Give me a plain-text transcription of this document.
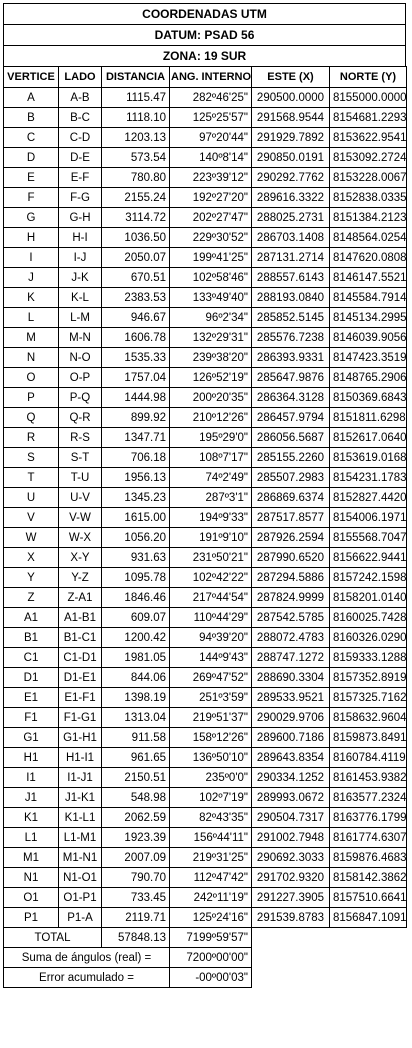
COORDENADAS UTM
DATUM: PSAD 56
ZONA: 19 SUR
VERTICE	LADO	DISTANCIA	ANG. INTERNO	ESTE (X)	NORTE (Y)
A	A-B	1115.47	282º46'25"	290500.0000	8155000.0000
B	B-C	1118.10	125º25'57"	291568.9544	8154681.2293
C	C-D	1203.13	97º20'44"	291929.7892	8153622.9541
D	D-E	573.54	140º8'14"	290850.0191	8153092.2724
E	E-F	780.80	223º39'12"	290292.7762	8153228.0067
F	F-G	2155.24	192º27'20"	289616.3322	8152838.0335
G	G-H	3114.72	202º27'47"	288025.2731	8151384.2123
H	H-I	1036.50	229º30'52"	286703.1408	8148564.0254
I	I-J	2050.07	199º41'25"	287131.2714	8147620.0808
J	J-K	670.51	102º58'46"	288557.6143	8146147.5521
K	K-L	2383.53	133º49'40"	288193.0840	8145584.7914
L	L-M	946.67	96º2'34"	285852.5145	8145134.2995
M	M-N	1606.78	132º29'31"	285576.7238	8146039.9056
N	N-O	1535.33	239º38'20"	286393.9331	8147423.3519
O	O-P	1757.04	126º52'19"	285647.9876	8148765.2906
P	P-Q	1444.98	200º20'35"	286364.3128	8150369.6843
Q	Q-R	899.92	210º12'26"	286457.9794	8151811.6298
R	R-S	1347.71	195º29'0"	286056.5687	8152617.0640
S	S-T	706.18	108º7'17"	285155.2260	8153619.0168
T	T-U	1956.13	74º2'49"	285507.2983	8154231.1783
U	U-V	1345.23	287º3'1"	286869.6374	8152827.4420
V	V-W	1615.00	194º9'33"	287517.8577	8154006.1971
W	W-X	1056.20	191º9'10"	287926.2594	8155568.7047
X	X-Y	931.63	231º50'21"	287990.6520	8156622.9441
Y	Y-Z	1095.78	102º42'22"	287294.5886	8157242.1598
Z	Z-A1	1846.46	217º44'54"	287824.9999	8158201.0140
A1	A1-B1	609.07	110º44'29"	287542.5785	8160025.7428
B1	B1-C1	1200.42	94º39'20"	288072.4783	8160326.0290
C1	C1-D1	1981.05	144º9'43"	288747.1272	8159333.1288
D1	D1-E1	844.06	269º47'52"	288690.3304	8157352.8919
E1	E1-F1	1398.19	251º3'59"	289533.9521	8157325.7162
F1	F1-G1	1313.04	219º51'37"	290029.9706	8158632.9604
G1	G1-H1	911.58	158º12'26"	289600.7186	8159873.8491
H1	H1-I1	961.65	136º50'10"	289643.8354	8160784.4119
I1	I1-J1	2150.51	235º0'0"	290334.1252	8161453.9382
J1	J1-K1	548.98	102º7'19"	289993.0672	8163577.2324
K1	K1-L1	2062.59	82º43'35"	290504.7317	8163776.1799
L1	L1-M1	1923.39	156º44'11"	291002.7948	8161774.6307
M1	M1-N1	2007.09	219º31'25"	290692.3033	8159876.4683
N1	N1-O1	790.70	112º47'42"	291702.9320	8158142.3862
O1	O1-P1	733.45	242º11'19"	291227.3905	8157510.6641
P1	P1-A	2119.71	125º24'16"	291539.8783	8156847.1091
TOTAL		57848.13	7199º59'57"		
Suma de ángulos (real) =			7200º00'00"		
Error acumulado =			-00º00'03"		
